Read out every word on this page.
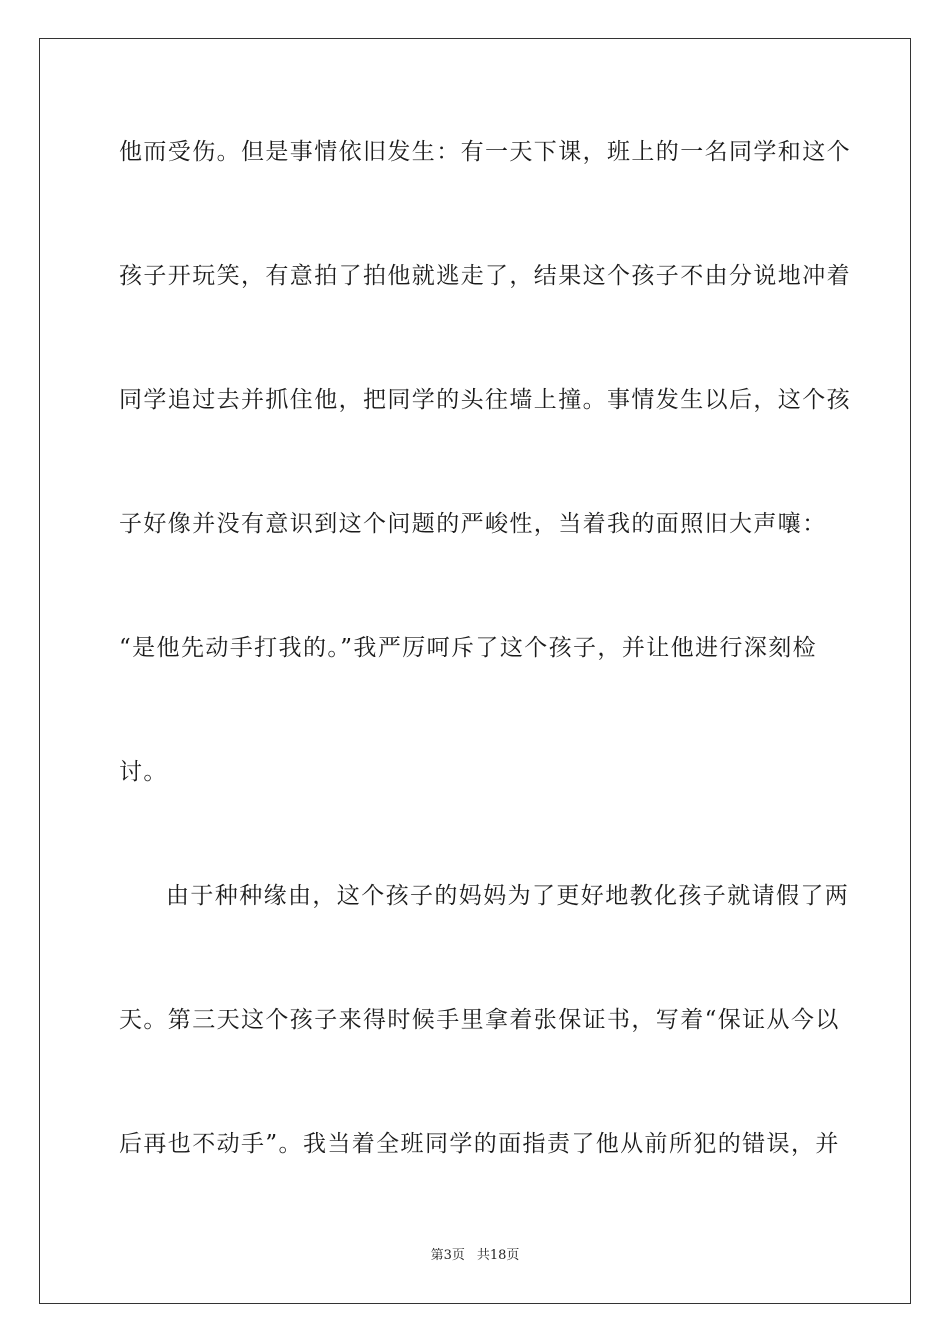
他而受伤。但是事情依旧发生：有一天下课，班上的一名同学和这个
孩子开玩笑，有意拍了拍他就逃走了，结果这个孩子不由分说地冲着
同学追过去并抓住他，把同学的头往墙上撞。事情发生以后，这个孩
子好像并没有意识到这个问题的严峻性，当着我的面照旧大声嚷：
“是他先动手打我的。”我严厉呵斥了这个孩子，并让他进行深刻检
讨。
由于种种缘由，这个孩子的妈妈为了更好地教化孩子就请假了两
天。第三天这个孩子来得时候手里拿着张保证书，写着“保证从今以
后再也不动手”。我当着全班同学的面指责了他从前所犯的错误，并
第3页 共18页
